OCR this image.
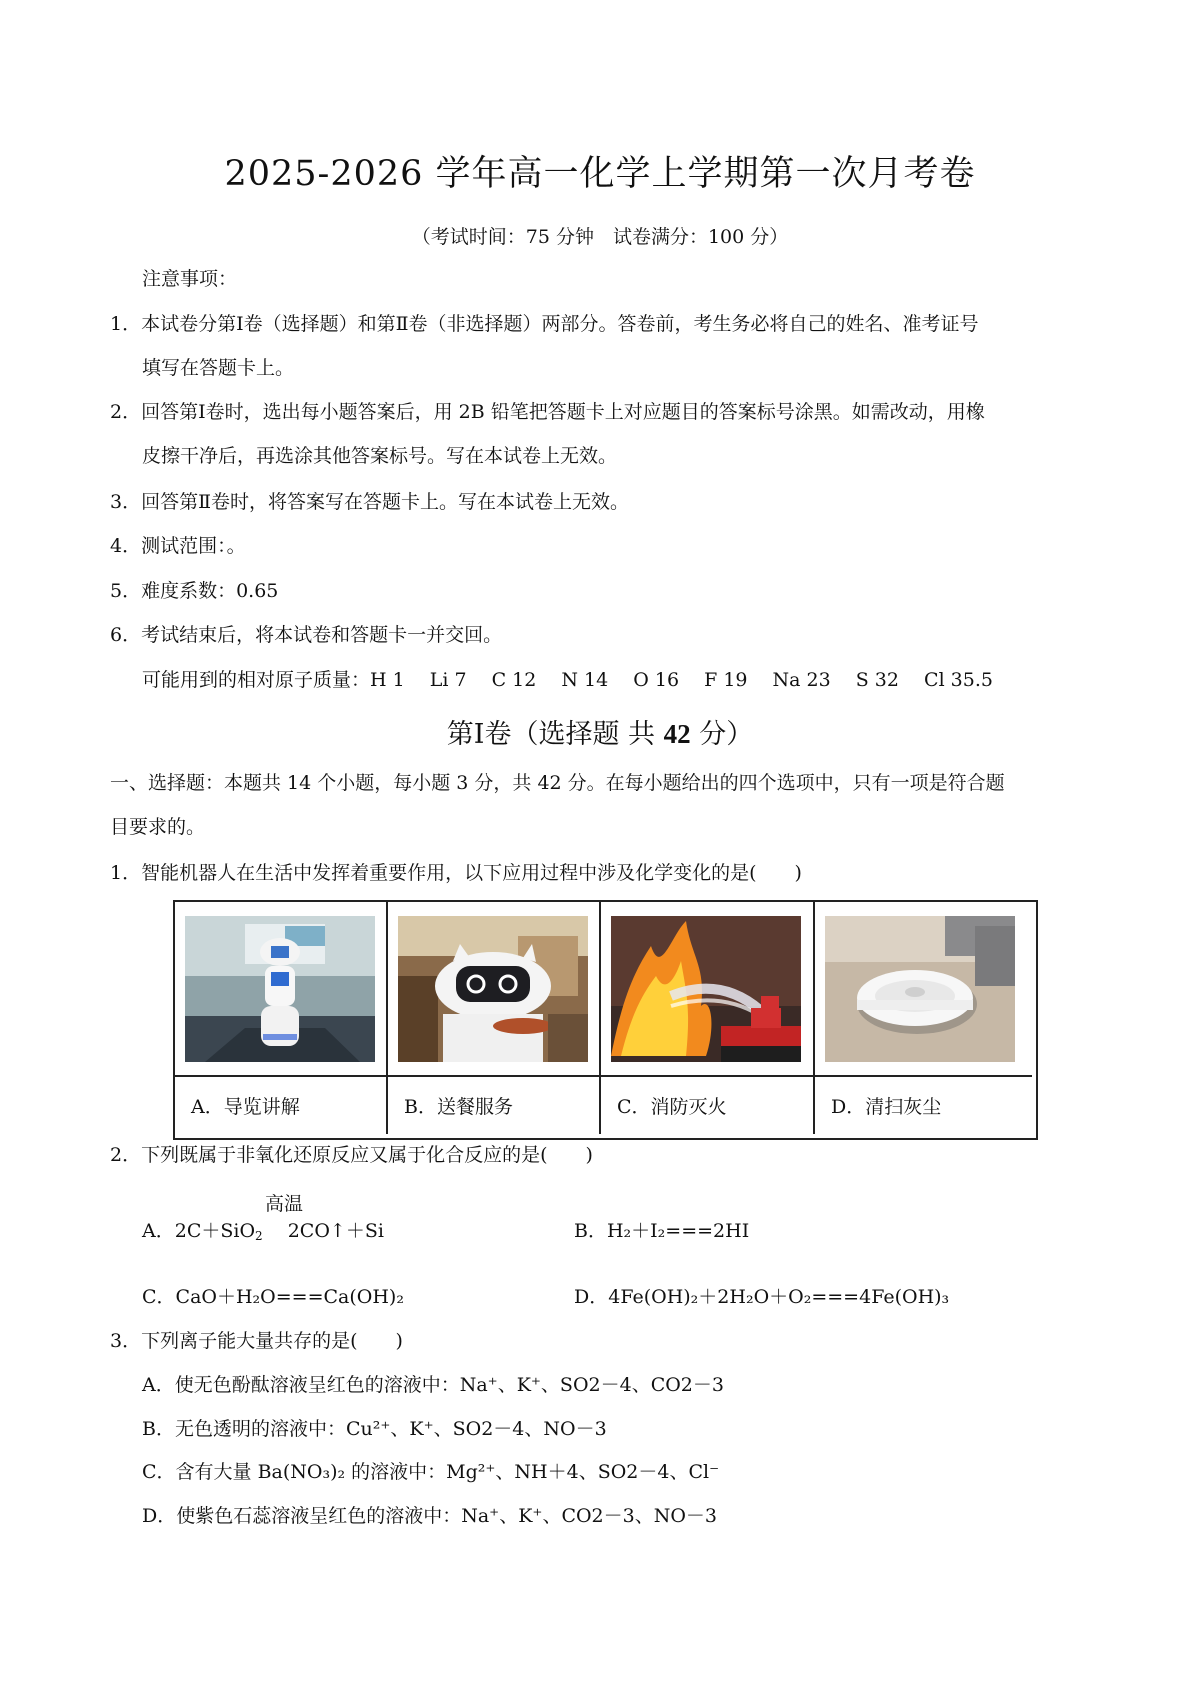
2025-2026 学年高一化学上学期第一次月考卷
（考试时间：75 分钟　试卷满分：100 分）
注意事项：
1．本试卷分第Ⅰ卷（选择题）和第Ⅱ卷（非选择题）两部分。答卷前，考生务必将自己的姓名、准考证号
填写在答题卡上。
2．回答第Ⅰ卷时，选出每小题答案后，用 2B 铅笔把答题卡上对应题目的答案标号涂黑。如需改动，用橡
皮擦干净后，再选涂其他答案标号。写在本试卷上无效。
3．回答第Ⅱ卷时，将答案写在答题卡上。写在本试卷上无效。
4．测试范围：。
5．难度系数：0.65
6．考试结束后，将本试卷和答题卡一并交回。
可能用到的相对原子质量：H 1　 Li 7　 C 12　 N 14　 O 16　 F 19　 Na 23　 S 32　 Cl 35.5
第Ⅰ卷（选择题 共 42 分）
一、选择题：本题共 14 个小题，每小题 3 分，共 42 分。在每小题给出的四个选项中，只有一项是符合题
目要求的。
1．智能机器人在生活中发挥着重要作用，以下应用过程中涉及化学变化的是(　　)
A．导览讲解	B．送餐服务	C．消防灭火	D．清扫灰尘
2．下列既属于非氧化还原反应又属于化合反应的是(　　)
高温
A．2C＋SiO$_2$　 2CO↑＋Si	B．H₂＋I₂===2HI
C．CaO＋H₂O===Ca(OH)₂	D．4Fe(OH)₂＋2H₂O＋O₂===4Fe(OH)₃
3．下列离子能大量共存的是(　　)
A．使无色酚酞溶液呈红色的溶液中：Na⁺、K⁺、SO2－4、CO2－3
B．无色透明的溶液中：Cu²⁺、K⁺、SO2－4、NO－3
C．含有大量 Ba(NO₃)₂ 的溶液中：Mg²⁺、NH＋4、SO2－4、Cl⁻
D．使紫色石蕊溶液呈红色的溶液中：Na⁺、K⁺、CO2－3、NO－3
